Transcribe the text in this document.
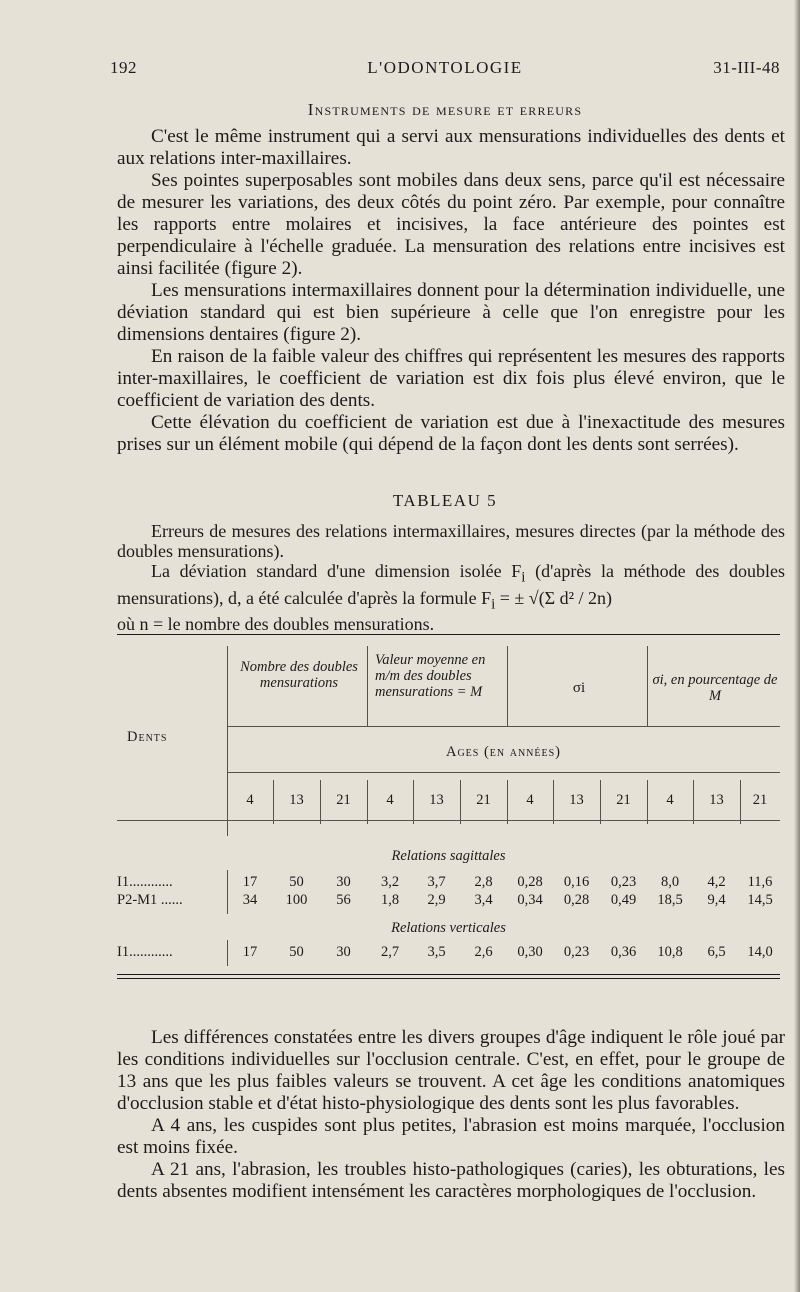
192	L'ODONTOLOGIE	31-III-48
Instruments de mesure et erreurs

C'est le même instrument qui a servi aux mensurations individuelles des dents et aux relations inter-maxillaires.

Ses pointes superposables sont mobiles dans deux sens, parce qu'il est nécessaire de mesurer les variations, des deux côtés du point zéro. Par exemple, pour connaître les rapports entre molaires et incisives, la face antérieure des pointes est perpendiculaire à l'échelle graduée. La mensuration des relations entre incisives est ainsi facilitée (figure 2).

Les mensurations intermaxillaires donnent pour la détermination individuelle, une déviation standard qui est bien supérieure à celle que l'on enregistre pour les dimensions dentaires (figure 2).

En raison de la faible valeur des chiffres qui représentent les mesures des rapports inter-maxillaires, le coefficient de variation est dix fois plus élevé environ, que le coefficient de variation des dents.

Cette élévation du coefficient de variation est due à l'inexactitude des mesures prises sur un élément mobile (qui dépend de la façon dont les dents sont serrées).

TABLEAU 5

Erreurs de mesures des relations intermaxillaires, mesures directes (par la méthode des doubles mensurations).

La déviation standard d'une dimension isolée $F_i$ (d'après la méthode des doubles mensurations), d, a été calculée d'après la formule $F_i$ = ± √(Σ d² / 2n)

où n = le nombre des doubles mensurations.

Nombre des doubles mensurations
Valeur moyenne en m/m des doubles mensurations = M	σi	σi, en pourcentage de M
Dents
Ages (en années)
4	13	21	4	13	21	4	13	21	4	13	21
Relations sagittales
I1............	17	50	30	3,2	3,7	2,8	0,28	0,16	0,23	8,0	4,2	11,6
P2-M1 ......	34	100	56	1,8	2,9	3,4	0,34	0,28	0,49	18,5	9,4	14,5
Relations verticales
I1............	17	50	30	2,7	3,5	2,6	0,30	0,23	0,36	10,8	6,5	14,0

Les différences constatées entre les divers groupes d'âge indiquent le rôle joué par les conditions individuelles sur l'occlusion centrale. C'est, en effet, pour le groupe de 13 ans que les plus faibles valeurs se trouvent. A cet âge les conditions anatomiques d'occlusion stable et d'état histo-physiologique des dents sont les plus favorables.

A 4 ans, les cuspides sont plus petites, l'abrasion est moins marquée, l'occlusion est moins fixée.

A 21 ans, l'abrasion, les troubles histo-pathologiques (caries), les obturations, les dents absentes modifient intensément les caractères morphologiques de l'occlusion.
